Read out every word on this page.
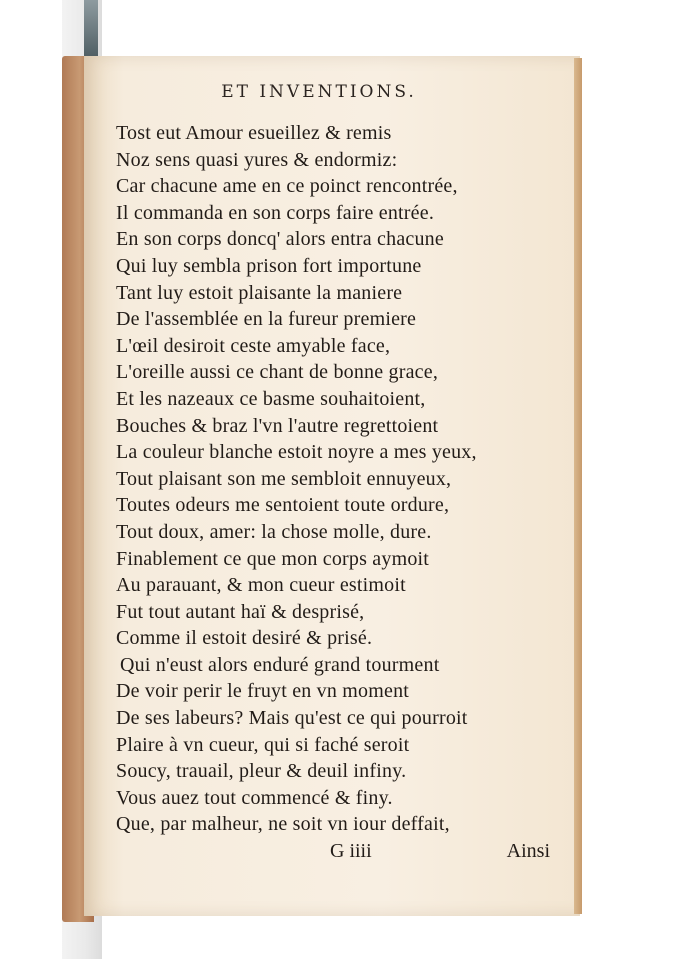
ET INVENTIONS.
Tost eut Amour esueillez & remis
Noz sens quasi yures & endormiz:
Car chacune ame en ce poinct rencontrée,
Il commanda en son corps faire entrée.
En son corps doncq' alors entra chacune
Qui luy sembla prison fort importune
Tant luy estoit plaisante la maniere
De l'assemblée en la fureur premiere
L'œil desiroit ceste amyable face,
L'oreille aussi ce chant de bonne grace,
Et les nazeaux ce basme souhaitoient,
Bouches & braz l'vn l'autre regrettoient
La couleur blanche estoit noyre a mes yeux,
Tout plaisant son me sembloit ennuyeux,
Toutes odeurs me sentoient toute ordure,
Tout doux, amer: la chose molle, dure.
Finablement ce que mon corps aymoit
Au parauant, & mon cueur estimoit
Fut tout autant haï & desprisé,
Comme il estoit desiré & prisé.
Qui n'eust alors enduré grand tourment
De voir perir le fruyt en vn moment
De ses labeurs? Mais qu'est ce qui pourroit
Plaire à vn cueur, qui si faché seroit
Soucy, trauail, pleur & deuil infiny.
Vous auez tout commencé & finy.
Que, par malheur, ne soit vn iour deffait,
G iiii	Ainsi
